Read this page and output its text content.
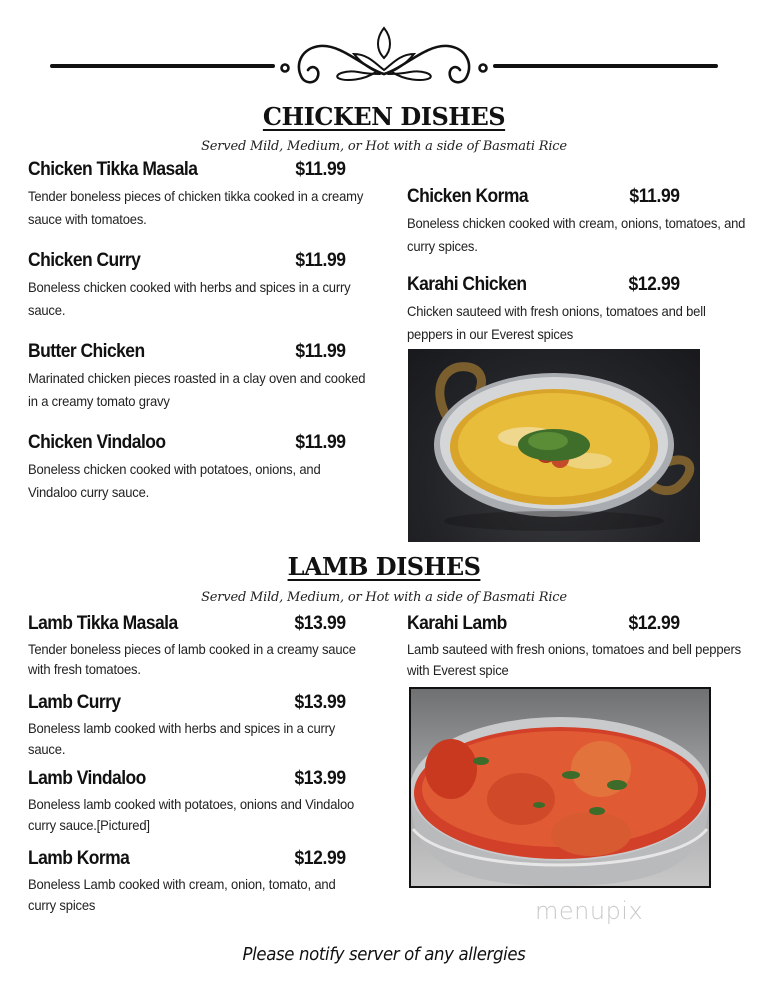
CHICKEN DISHES
Served Mild, Medium, or Hot with a side of Basmati Rice
Chicken Tikka Masala	$11.99
Tender boneless pieces of chicken tikka cooked in a creamy sauce with tomatoes.
Chicken Curry	$11.99
Boneless chicken cooked with herbs and spices in a curry sauce.
Butter Chicken	$11.99
Marinated chicken pieces roasted in a clay oven and cooked in a creamy tomato gravy
Chicken Vindaloo	$11.99
Boneless chicken cooked with potatoes, onions, and Vindaloo curry sauce.
Chicken Korma	$11.99
Boneless chicken cooked with cream, onions, tomatoes, and curry spices.
Karahi Chicken	$12.99
Chicken sauteed with fresh onions, tomatoes and bell peppers in our Everest spices
LAMB DISHES
Served Mild, Medium, or Hot with a side of Basmati Rice
Lamb Tikka Masala	$13.99
Tender boneless pieces of lamb cooked in a creamy sauce with fresh tomatoes.
Lamb Curry	$13.99
Boneless lamb cooked with herbs and spices in a curry sauce.
Lamb Vindaloo	$13.99
Boneless lamb cooked with potatoes, onions and Vindaloo curry sauce.[Pictured]
Lamb Korma	$12.99
Boneless Lamb cooked with cream, onion, tomato, and curry spices
Karahi Lamb	$12.99
Lamb sauteed with fresh onions, tomatoes and bell peppers with Everest spice
menupix
Please notify server of any allergies
